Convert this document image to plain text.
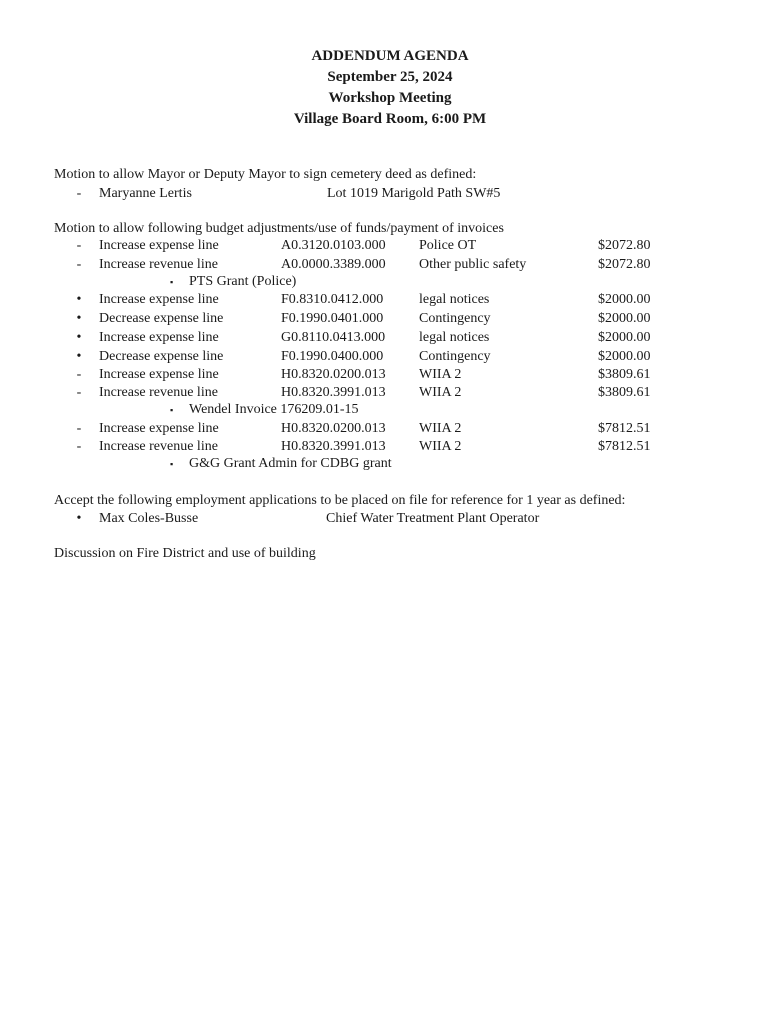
ADDENDUM AGENDA
September 25, 2024
Workshop Meeting
Village Board Room, 6:00 PM
Motion to allow Mayor or Deputy Mayor to sign cemetery deed as defined:
- Maryanne Lertis	Lot 1019 Marigold Path SW#5
Motion to allow following budget adjustments/use of funds/payment of invoices
- Increase expense line	A0.3120.0103.000 Police OT	$2072.80
- Increase revenue line	A0.0000.3389.000 Other public safety	$2072.80
▪ PTS Grant (Police)
• Increase expense line	F0.8310.0412.000	legal notices	$2000.00
• Decrease expense line	F0.1990.0401.000	Contingency	$2000.00
• Increase expense line	G0.8110.0413.000 legal notices	$2000.00
• Decrease expense line	F0.1990.0400.000	Contingency	$2000.00
- Increase expense line	H0.8320.0200.013 WIIA 2	$3809.61
- Increase revenue line	H0.8320.3991.013 WIIA 2	$3809.61
▪ Wendel Invoice 176209.01-15
- Increase expense line	H0.8320.0200.013 WIIA 2	$7812.51
- Increase revenue line	H0.8320.3991.013 WIIA 2	$7812.51
▪ G&G Grant Admin for CDBG grant
Accept the following employment applications to be placed on file for reference for 1 year as defined:
• Max Coles-Busse	Chief Water Treatment Plant Operator
Discussion on Fire District and use of building
